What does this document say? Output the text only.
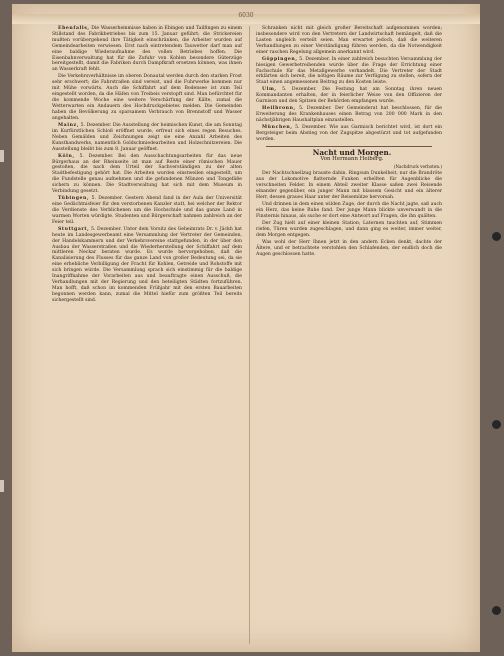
6030

Ebenfalls, Die Wasserhemmisse haben in Ebingen und Tailfingen zu einem Stillstand des Fabrikbetriebes bis zum 15. Januar geführt; die Strickereien mußten vorübergehend ihre Tätigkeit einschränken, die Arbeiter wurden auf Gemeindearbeiten verwiesen. Erst nach eintretendem Tauwetter darf man auf eine baldige Wiederaufnahme des vollen Betriebes hoffen. Die Eisenbahnverwaltung hat für die Zufuhr von Kohlen besondere Güterzüge bereitgestellt, damit die Fabriken durch Dampfkraft ersetzen können, was ihnen an Wasserkraft fehlt.

Die Verkehrsverhältnisse im oberen Donautal werden durch den starken Frost sehr erschwert; die Fahrstraßen sind vereist, und die Fuhrwerke kommen nur mit Mühe vorwärts. Auch die Schiffahrt auf dem Bodensee ist zum Teil eingestellt worden, da die Häfen von Treibeis verstopft sind. Man befürchtet für die kommende Woche eine weitere Verschärfung der Kälte, zumal die Wetterwarten ein Andauern des Hochdruckgebietes melden. Die Gemeinden haben die Bevölkerung zu sparsamem Verbrauch von Brennstoff und Wasser angehalten.

Mainz, 5. Dezember. Die Ausstellung der heimischen Kunst, die am Sonntag im Kurfürstlichen Schloß eröffnet wurde, erfreut sich eines regen Besuches. Neben Gemälden und Zeichnungen zeigt sie eine Anzahl Arbeiten des Kunsthandwerks, namentlich Goldschmiedearbeiten und Holzschnitzereien. Die Ausstellung bleibt bis zum 8. Januar geöffnet.

Köln, 5. Dezember. Bei den Ausschachtungsarbeiten für das neue Bürgerhaus an der Rheinseite ist man auf Reste einer römischen Mauer gestoßen, die nach dem Urteil der Sachverständigen zu der alten Stadtbefestigung gehört hat. Die Arbeiten wurden einstweilen eingestellt, um die Fundstelle genau aufnehmen und die gefundenen Münzen und Tongefäße sichern zu können. Die Stadtverwaltung hat sich mit dem Museum in Verbindung gesetzt.

Tübingen, 5. Dezember. Gestern Abend fand in der Aula der Universität eine Gedächtnisfeier für den verstorbenen Kanzler statt, bei welcher der Rektor die Verdienste des Verblichenen um die Hochschule und das ganze Land in warmen Worten würdigte. Studenten und Bürgerschaft nahmen zahlreich an der Feier teil.

Stuttgart, 5. Dezember. Unter dem Vorsitz des Geheimrats Dr. v. Jäckh hat heute im Landesgewerbeamt eine Versammlung der Vertreter der Gemeinden, der Handelskammern und der Verkehrsvereine stattgefunden, in der über den Ausbau der Wasserstraßen und die Wiederherstellung der Schiffahrt auf dem mittleren Neckar beraten wurde. Es wurde hervorgehoben, daß die Kanalisierung des Flusses für das ganze Land von großer Bedeutung sei, da sie eine erhebliche Verbilligung der Fracht für Kohlen, Getreide und Rohstoffe mit sich bringen würde. Die Versammlung sprach sich einstimmig für die baldige Inangriffnahme der Vorarbeiten aus und beauftragte einen Ausschuß, die Verhandlungen mit der Regierung und den beteiligten Städten fortzuführen. Man hofft, daß schon im kommenden Frühjahr mit den ersten Bauarbeiten begonnen werden kann, zumal die Mittel hiefür zum größten Teil bereits sichergestellt sind.

Schranken nicht mit gleich großer Bereitschaft aufgenommen worden; insbesondere wird von den Vertretern der Landwirtschaft bemängelt, daß die Lasten ungleich verteilt seien. Man erwartet jedoch, daß die weiteren Verhandlungen zu einer Verständigung führen werden, da die Notwendigkeit einer raschen Regelung allgemein anerkannt wird.

Göppingen, 5. Dezember. In einer zahlreich besuchten Versammlung der hiesigen Gewerbetreibenden wurde über die Frage der Errichtung einer Fachschule für das Metallgewerbe verhandelt. Die Vertreter der Stadt erklärten sich bereit, die nötigen Räume zur Verfügung zu stellen, sofern der Staat einen angemessenen Beitrag zu den Kosten leiste.

Ulm, 5. Dezember. Die Festung hat am Sonntag ihren neuen Kommandanten erhalten, der in feierlicher Weise von den Offizieren der Garnison und den Spitzen der Behörden empfangen wurde.

Heilbronn, 5. Dezember. Der Gemeinderat hat beschlossen, für die Erweiterung des Krankenhauses einen Betrag von 200 000 Mark in den nächstjährigen Haushaltplan einzustellen.

München, 5. Dezember. Wie aus Garmisch berichtet wird, ist dort ein Bergsteiger beim Abstieg von der Zugspitze abgestürzt und tot aufgefunden worden.

Nacht und Morgen.

Von Hermann Heiberg.

(Nachdruck verboten.)

Der Nachtschnellzug brauste dahin. Ringsum Dunkelheit, nur die Brandröte aus der Lokomotive flatternde Funken erhellten für Augenblicke die verschneiten Felder. In einem Abteil zweiter Klasse saßen zwei Reisende einander gegenüber, ein junger Mann mit blassem Gesicht und ein älterer Herr, dessen graues Haar unter der Reisemütze hervorsah.

Und drinnen in dem einen wilden Zuge, der durch die Nacht jagte, saß auch ein Herz, das keine Ruhe fand. Der junge Mann blickte unverwandt in die Finsternis hinaus, als suche er dort eine Antwort auf Fragen, die ihn quälten.

Der Zug hielt auf einer kleinen Station; Laternen tauchten auf, Stimmen riefen, Türen wurden zugeschlagen, und dann ging es weiter, immer weiter, dem Morgen entgegen.

Was wohl der Herr Ihnen jetzt in den andern Ecken denkt, dachte der Ältere, und er betrachtete verstohlen den Schlafenden, der endlich doch die Augen geschlossen hatte.
